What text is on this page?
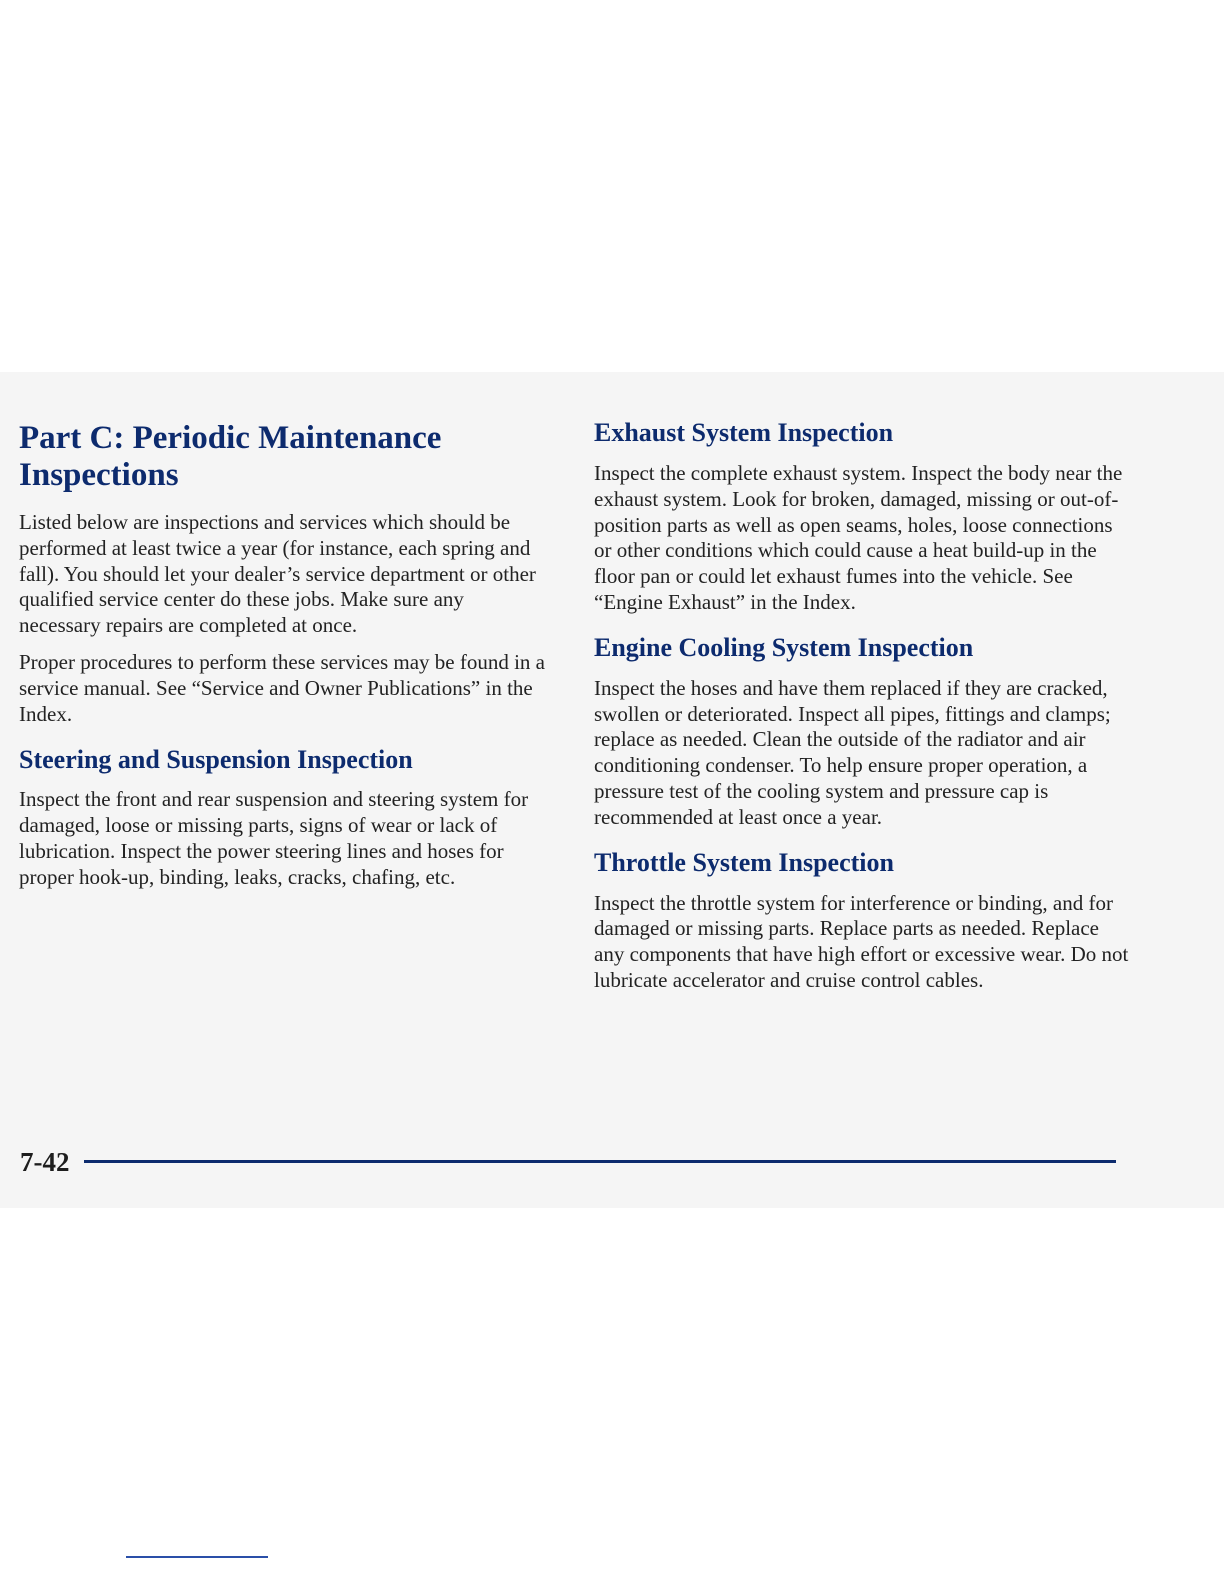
Part C: Periodic Maintenance Inspections

Listed below are inspections and services which should be performed at least twice a year (for instance, each spring and fall). You should let your dealer’s service department or other qualified service center do these jobs. Make sure any necessary repairs are completed at once.

Proper procedures to perform these services may be found in a service manual. See “Service and Owner Publications” in the Index.

Steering and Suspension Inspection

Inspect the front and rear suspension and steering system for damaged, loose or missing parts, signs of wear or lack of lubrication. Inspect the power steering lines and hoses for proper hook-up, binding, leaks, cracks, chafing, etc.

Exhaust System Inspection

Inspect the complete exhaust system. Inspect the body near the exhaust system. Look for broken, damaged, missing or out-of-position parts as well as open seams, holes, loose connections or other conditions which could cause a heat build-up in the floor pan or could let exhaust fumes into the vehicle. See “Engine Exhaust” in the Index.

Engine Cooling System Inspection

Inspect the hoses and have them replaced if they are cracked, swollen or deteriorated. Inspect all pipes, fittings and clamps; replace as needed. Clean the outside of the radiator and air conditioning condenser. To help ensure proper operation, a pressure test of the cooling system and pressure cap is recommended at least once a year.

Throttle System Inspection

Inspect the throttle system for interference or binding, and for damaged or missing parts. Replace parts as needed. Replace any components that have high effort or excessive wear. Do not lubricate accelerator and cruise control cables.

7-42
